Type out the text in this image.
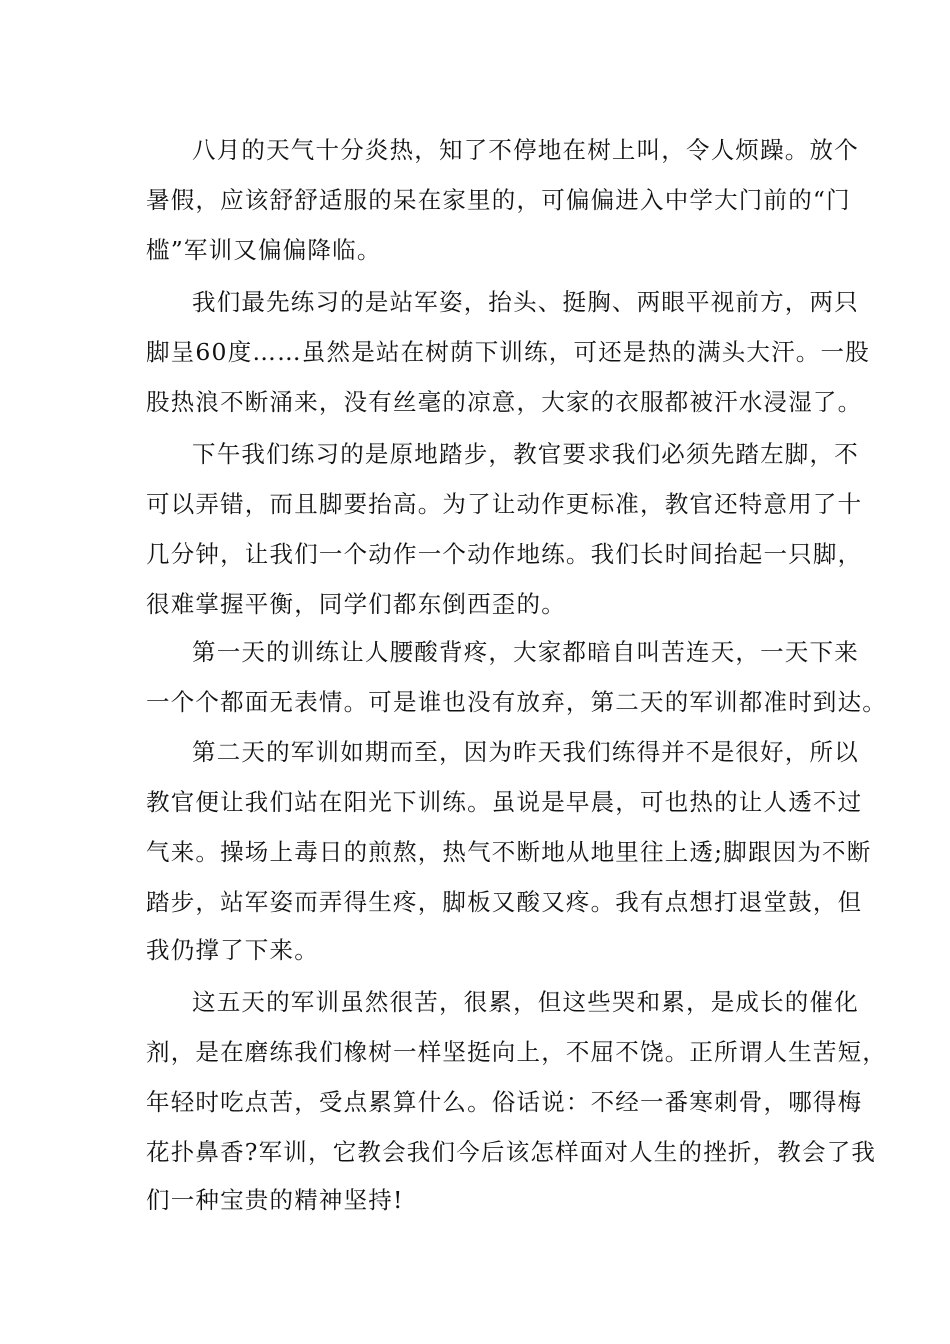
八月的天气十分炎热，知了不停地在树上叫，令人烦躁。放个

暑假，应该舒舒适服的呆在家里的，可偏偏进入中学大门前的“门

槛”军训又偏偏降临。

我们最先练习的是站军姿，抬头、挺胸、两眼平视前方，两只

脚呈60度……虽然是站在树荫下训练，可还是热的满头大汗。一股

股热浪不断涌来，没有丝毫的凉意，大家的衣服都被汗水浸湿了。

下午我们练习的是原地踏步，教官要求我们必须先踏左脚，不

可以弄错，而且脚要抬高。为了让动作更标准，教官还特意用了十

几分钟，让我们一个动作一个动作地练。我们长时间抬起一只脚，

很难掌握平衡，同学们都东倒西歪的。

第一天的训练让人腰酸背疼，大家都暗自叫苦连天，一天下来

一个个都面无表情。可是谁也没有放弃，第二天的军训都准时到达。

第二天的军训如期而至，因为昨天我们练得并不是很好，所以

教官便让我们站在阳光下训练。虽说是早晨，可也热的让人透不过

气来。操场上毒日的煎熬，热气不断地从地里往上透;脚跟因为不断

踏步，站军姿而弄得生疼，脚板又酸又疼。我有点想打退堂鼓，但

我仍撑了下来。

这五天的军训虽然很苦，很累，但这些哭和累，是成长的催化

剂，是在磨练我们橡树一样坚挺向上，不屈不饶。正所谓人生苦短，

年轻时吃点苦，受点累算什么。俗话说：不经一番寒刺骨，哪得梅

花扑鼻香?军训，它教会我们今后该怎样面对人生的挫折，教会了我

们一种宝贵的精神坚持!
